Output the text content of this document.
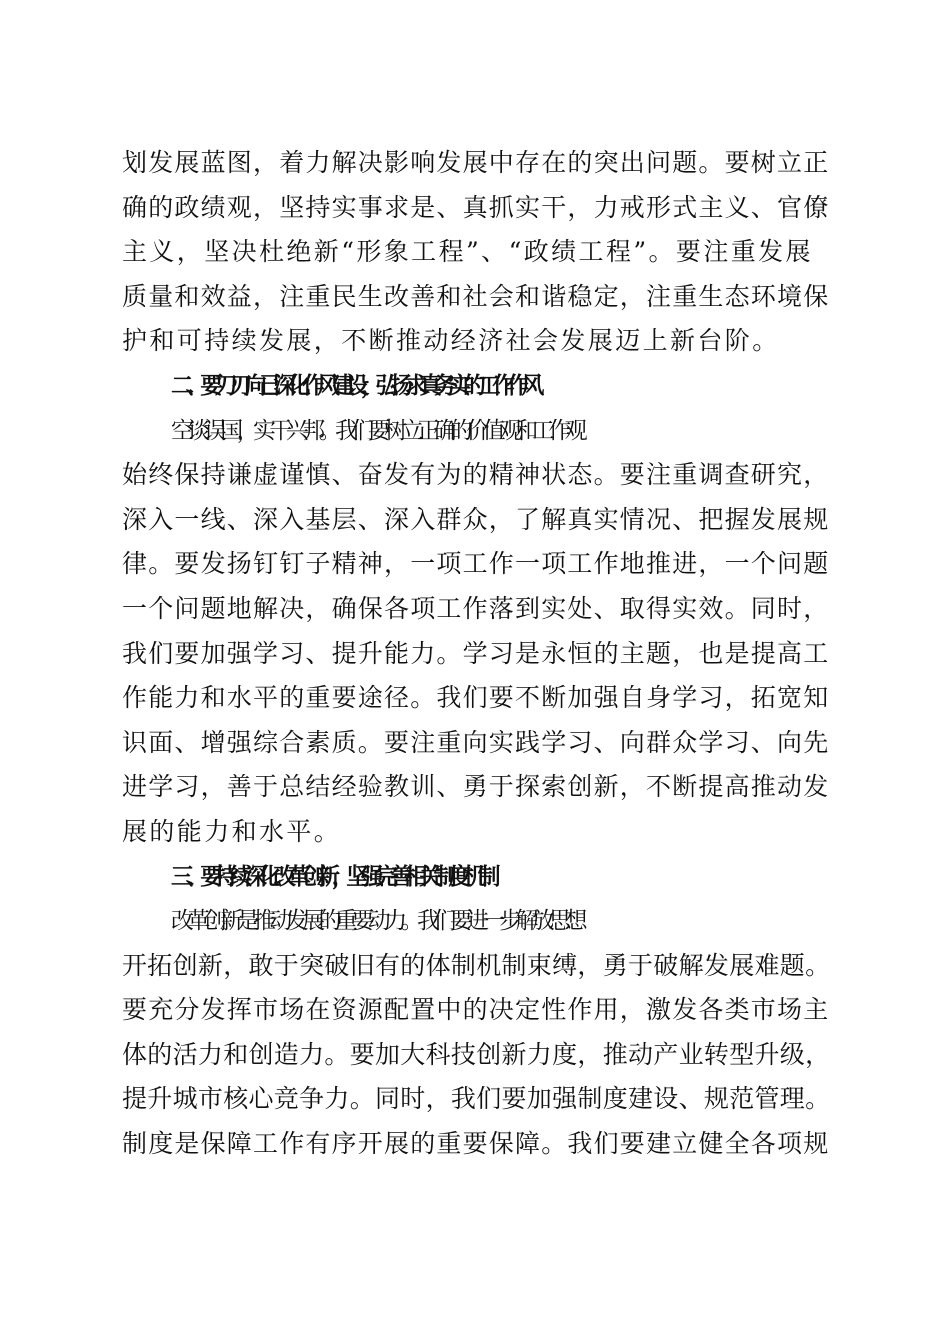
划发展蓝图，着力解决影响发展中存在的突出问题。要树立正
确的政绩观，坚持实事求是、真抓实干，力戒形式主义、官僚
主义，坚决杜绝新“形象工程”、“政绩工程”。要注重发展
质量和效益，注重民生改善和社会和谐稳定，注重生态环境保
护和可持续发展，不断推动经济社会发展迈上新台阶。
二、要刀刃向己深化作风建设，弘扬求真务实的工作作风
空谈误国，实干兴邦。我们要树立正确的价值观和工作观
始终保持谦虚谨慎、奋发有为的精神状态。要注重调查研究，
深入一线、深入基层、深入群众，了解真实情况、把握发展规
律。要发扬钉钉子精神，一项工作一项工作地推进，一个问题
一个问题地解决，确保各项工作落到实处、取得实效。同时，
我们要加强学习、提升能力。学习是永恒的主题，也是提高工
作能力和水平的重要途径。我们要不断加强自身学习，拓宽知
识面、增强综合素质。要注重向实践学习、向群众学习、向先
进学习，善于总结经验教训、勇于探索创新，不断提高推动发
展的能力和水平。
三、要持续深化改革创新，坚强完善相关制度机制
改革创新是推动发展的重要动力。我们要进一步解放思想
开拓创新，敢于突破旧有的体制机制束缚，勇于破解发展难题。
要充分发挥市场在资源配置中的决定性作用，激发各类市场主
体的活力和创造力。要加大科技创新力度，推动产业转型升级，
提升城市核心竞争力。同时，我们要加强制度建设、规范管理。
制度是保障工作有序开展的重要保障。我们要建立健全各项规
